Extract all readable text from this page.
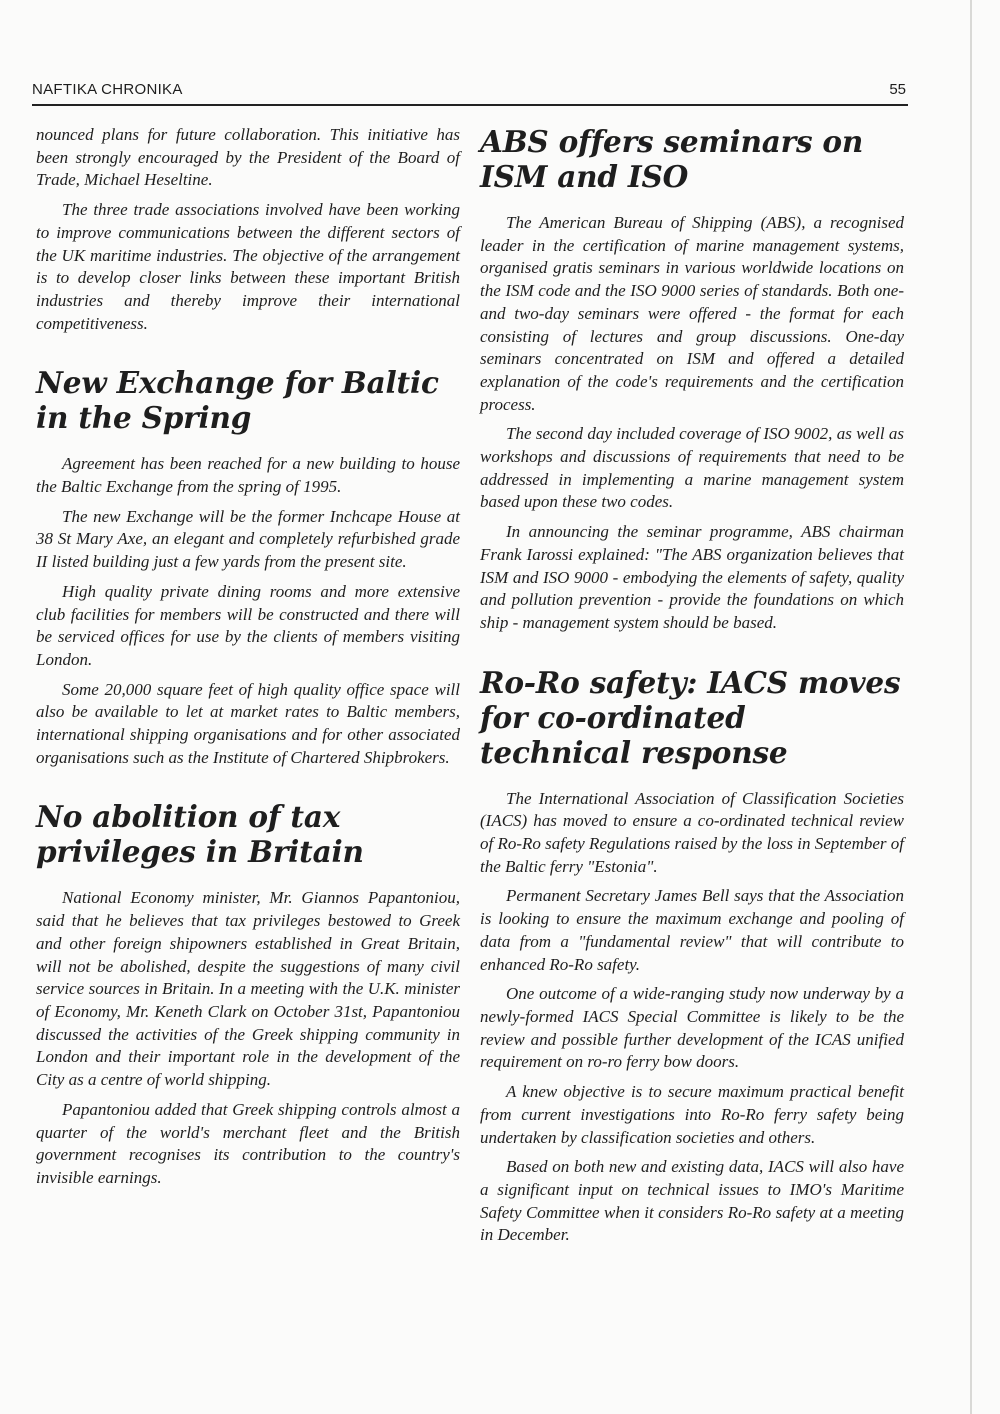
NAFTIKA CHRONIKA	55

nounced plans for future collaboration. This initiative has been strongly encouraged by the President of the Board of Trade, Michael Heseltine.

The three trade associations involved have been working to improve communications between the different sectors of the UK maritime industries. The objective of the arrangement is to develop closer links between these important British industries and thereby improve their international competitiveness.

New Exchange for Baltic in the Spring

Agreement has been reached for a new building to house the Baltic Exchange from the spring of 1995.

The new Exchange will be the former Inchcape House at 38 St Mary Axe, an elegant and completely refurbished grade II listed building just a few yards from the present site.

High quality private dining rooms and more extensive club facilities for members will be constructed and there will be serviced offices for use by the clients of members visiting London.

Some 20,000 square feet of high quality office space will also be available to let at market rates to Baltic members, international shipping organisations and for other associated organisations such as the Institute of Chartered Shipbrokers.

No abolition of tax privileges in Britain

National Economy minister, Mr. Giannos Papantoniou, said that he believes that tax privileges bestowed to Greek and other foreign shipowners established in Great Britain, will not be abolished, despite the suggestions of many civil service sources in Britain. In a meeting with the U.K. minister of Economy, Mr. Keneth Clark on October 31st, Papantoniou discussed the activities of the Greek shipping community in London and their important role in the development of the City as a centre of world shipping.

Papantoniou added that Greek shipping controls almost a quarter of the world's merchant fleet and the British government recognises its contribution to the country's invisible earnings.

ABS offers seminars on ISM and ISO

The American Bureau of Shipping (ABS), a recognised leader in the certification of marine management systems, organised gratis seminars in various worldwide locations on the ISM code and the ISO 9000 series of standards. Both one- and two-day seminars were offered - the format for each consisting of lectures and group discussions. One-day seminars concentrated on ISM and offered a detailed explanation of the code's requirements and the certification process.

The second day included coverage of ISO 9002, as well as workshops and discussions of requirements that need to be addressed in implementing a marine management system based upon these two codes.

In announcing the seminar programme, ABS chairman Frank Iarossi explained: "The ABS organization believes that ISM and ISO 9000 - embodying the elements of safety, quality and pollution prevention - provide the foundations on which ship - management system should be based.

Ro-Ro safety: IACS moves for co-ordinated technical response

The International Association of Classification Societies (IACS) has moved to ensure a co-ordinated technical review of Ro-Ro safety Regulations raised by the loss in September of the Baltic ferry "Estonia".

Permanent Secretary James Bell says that the Association is looking to ensure the maximum exchange and pooling of data from a "fundamental review" that will contribute to enhanced Ro-Ro safety.

One outcome of a wide-ranging study now underway by a newly-formed IACS Special Committee is likely to be the review and possible further development of the ICAS unified requirement on ro-ro ferry bow doors.

A knew objective is to secure maximum practical benefit from current investigations into Ro-Ro ferry safety being undertaken by classification societies and others.

Based on both new and existing data, IACS will also have a significant input on technical issues to IMO's Maritime Safety Committee when it considers Ro-Ro safety at a meeting in December.
